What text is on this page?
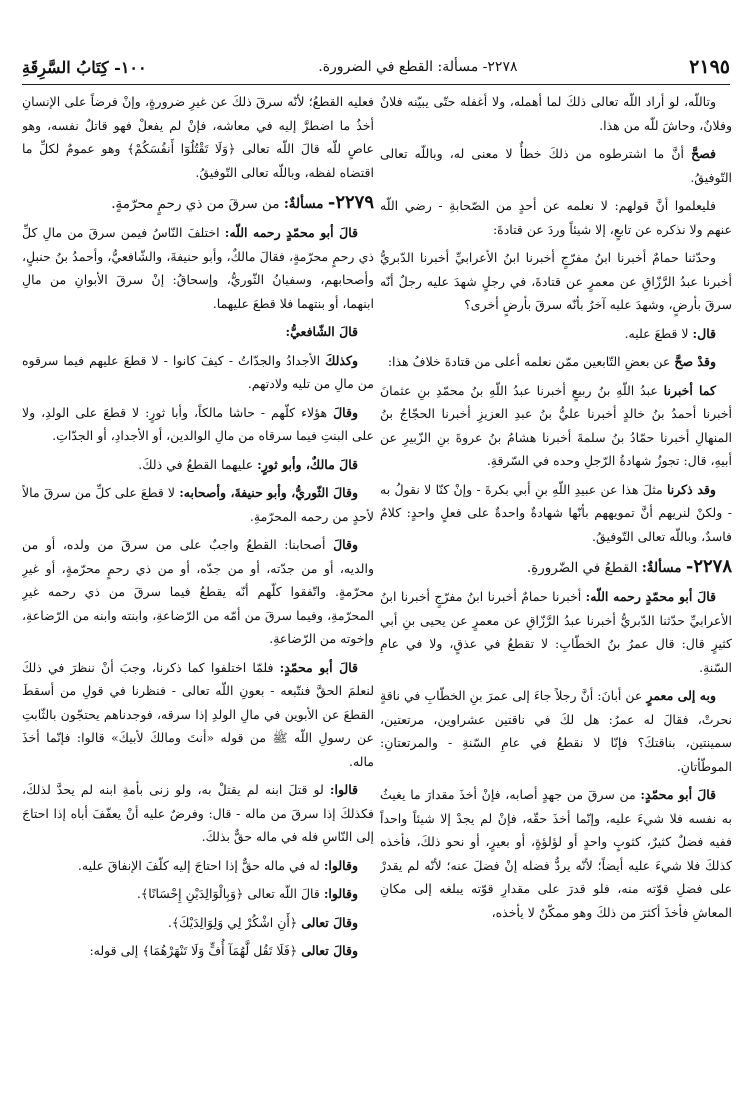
١٠٠- كِتَابُ السَّرِقَةِ	٢٢٧٨- مسألة: القطع في الضرورة.	٢١٩٥

وتاللّه، لو أراد اللّه تعالى ذلكَ لما أهمله، ولا أغفله حتّى يبيّنه فلانٌ وفلانٌ، وحاشَ للّه من هذا.

فصحَّ أنَّ ما اشترطوه من ذلكَ خطأٌ لا معنى له، وباللّه تعالى التّوفيقُ.

فليعلموا أنَّ قولهم: لا نعلمه عن أحدٍ من الصّحابةِ - رضي اللّه عنهم ولا نذكره عن تابعٍ، إلا شيئاً وردَ عن قتادةَ:

وحدّثنا حمامٌ أخبرنا ابنُ مفرّجٍ أخبرنا ابنُ الأعرابيِّ أخبرنا الدّبريُّ أخبرنا عبدُ الرَّزّاقِ عن معمرٍ عن قتادةَ، في رجلٍ شهدَ عليه رجلٌ أنّه سرقَ بأرضٍ، وشهدَ عليه آخرُ بأنّه سرقَ بأرضٍ أخرى؟

قال: لا قطعَ عليه.

وقدْ صحَّ عن بعضِ التّابعين ممّن نعلمه أعلى من قتادةَ خلافُ هذا:

كما أخبرنا عبدُ اللّهِ بنُ ربيعٍ أخبرنا عبدُ اللّهِ بنُ محمّدِ بنِ عثمانَ أخبرنا أحمدُ بنُ خالدٍ أخبرنا عليُّ بنُ عبدِ العزيزِ أخبرنا الحجّاجُ بنُ المنهالِ أخبرنا حمّادُ بنُ سلمةَ أخبرنا هشامُ بنُ عروةَ بنِ الزّبيرِ عن أبيهِ، قال: تجوزُ شهادةُ الرّجلِ وحده في السّرقةِ.

وقد ذكرنا مثلَ هذا عن عبيدِ اللّهِ بنِ أبي بكرةَ - وإنْ كنّا لا نقولُ به - ولكنْ لنريهم أنَّ تمويههم بأنّها شهادةٌ واحدةٌ على فعلٍ واحدٍ: كلامٌ فاسدٌ، وباللّه تعالى التّوفيقُ.

٢٢٧٨- مسألةٌ: القطعُ في الضّرورةِ.

قالَ أبو محمّدٍ رحمه اللّه: أخبرنا حمامٌ أخبرنا ابنُ مفرّجٍ أخبرنا ابنُ الأعرابيِّ حدّثنا الدّبريُّ أخبرنا عبدُ الرَّزّاقِ عن معمرٍ عن يحيى بنِ أبي كثيرٍ قال: قال عمرُ بنُ الخطّابِ: لا تقطعُ في عذقٍ، ولا في عامِ السّنةِ.

وبه إلى معمرٍ عن أبانَ: أنَّ رجلاً جاءَ إلى عمرَ بنِ الخطّابِ في ناقةٍ نحرتْ، فقالَ له عمرُ: هل لكَ في ناقتين عشراوين، مرتعتين، سمينتين، بناقتكَ؟ فإنّا لا نقطعُ في عامِ السّنةِ - والمرتعتانِ: الموطّأتانِ.

قالَ أبو محمّدٍ: من سرقَ من جهدٍ أصابه، فإنْ أخذَ مقدارَ ما يغيثُ به نفسه فلا شيءَ عليه، وإنّما أخذَ حقّه، فإنْ لم يجدْ إلا شيئاً واحداً ففيه فضلٌ كثيرٌ، كثوبٍ واحدٍ أو لؤلؤةٍ، أو بعيرٍ، أو نحو ذلكَ، فأخذه كذلكَ فلا شيءَ عليه أيضاً؛ لأنّه يردُّ فضله إنْ فضلَ عنه؛ لأنّه لم يقدرْ على فضلِ قوّته منه، فلو قدرَ على مقدارِ قوّته يبلغه إلى مكانِ المعاشِ فأخذَ أكثرَ من ذلكَ وهو ممكّنٌ لا يأخذه،

فعليه القطعُ؛ لأنّه سرقَ ذلكَ عن غيرِ ضرورةٍ، وإنْ فرضاً على الإنسانِ أخذُ ما اضطرَّ إليه في معاشه، فإنْ لم يفعلْ فهو قاتلٌ نفسه، وهو عاصٍ للّه قالَ اللّه تعالى ﴿وَلَا تَقْتُلُوٓا أَنفُسَكُمْ﴾ وهو عمومٌ لكلِّ ما اقتضاه لفظه، وباللّه تعالى التّوفيقُ.

٢٢٧٩- مسألةٌ: من سرقَ من ذي رحمٍ محرّمةٍ.

قالَ أبو محمّدٍ رحمه اللّه: اختلفَ النّاسُ فيمن سرقَ من مالِ كلِّ ذي رحمٍ محرّمةٍ، فقالَ مالكٌ، وأبو حنيفةَ، والشّافعيُّ، وأحمدُ بنُ حنبلٍ، وأصحابهم، وسفيانُ الثّوريُّ، وإسحاقُ: إنْ سرقَ الأبوانِ من مالِ ابنهما، أو بنتهما فلا قطعَ عليهما.

قالَ الشّافعيُّ:

وكذلكَ الأجدادُ والجدّاتُ - كيفَ كانوا - لا قطعَ عليهم فيما سرقوه من مالِ من تليه ولادتهم.

وقالَ هؤلاء كلّهم - حاشا مالكاً، وأبا ثورٍ: لا قطعَ على الولدِ، ولا على البنتِ فيما سرقاه من مالِ الوالدين، أو الأجدادِ، أو الجدّاتِ.

قالَ مالكٌ، وأبو ثورٍ: عليهما القطعُ في ذلكَ.

وقالَ الثّوريُّ، وأبو حنيفةَ، وأصحابه: لا قطعَ على كلِّ من سرقَ مالاً لأحدٍ من رحمه المحرّمةِ.

وقالَ أصحابنا: القطعُ واجبٌ على من سرقَ من ولده، أو من والديه، أو من جدّته، أو من جدّه، أو من ذي رحمٍ محرّمةٍ، أو غيرِ محرّمةٍ. واتّفقوا كلّهم أنّه يقطعُ فيما سرقَ من ذي رحمه غيرِ المحرّمةِ، وفيما سرقَ من أمّه من الرّضاعةِ، وابنته وابنه من الرّضاعةِ، وإخوته من الرّضاعةِ.

قالَ أبو محمّدٍ: فلمّا اختلفوا كما ذكرنا، وجبَ أنْ ننظرَ في ذلكَ لنعلمَ الحقَّ فنتّبعه - بعونِ اللّه تعالى - فنظرنا في قولِ من أسقطَ القطعَ عن الأبوين في مالِ الولدِ إذا سرقه، فوجدناهم يحتجّون بالثّابتِ عن رسولِ اللّه ﷺ من قوله «أنتَ ومالكَ لأبيكَ» قالوا: فإنّما أخذَ ماله.

قالوا: لو قتلَ ابنه لم يقتلْ به، ولو زنى بأمةِ ابنه لم يحدَّ لذلكَ، فكذلكَ إذا سرقَ من ماله - قال: وفرضٌ عليه أنْ يعفّفَ أباه إذا احتاجَ إلى النّاسِ فله في ماله حقٌّ بذلكَ.

وقالوا: له في ماله حقٌّ إذا احتاجَ إليه كلّفَ الإنفاقَ عليه.

وقالوا: قالَ اللّه تعالى ﴿وَبِالْوَالِدَيْنِ إِحْسَانًا﴾.

وقالَ تعالى ﴿أَنِ اشْكُرْ لِي وَلِوَالِدَيْكَ﴾.

وقالَ تعالى ﴿فَلَا تَقُل لَّهُمَآ أُفٍّ وَلَا تَنْهَرْهُمَا﴾ إلى قوله:
